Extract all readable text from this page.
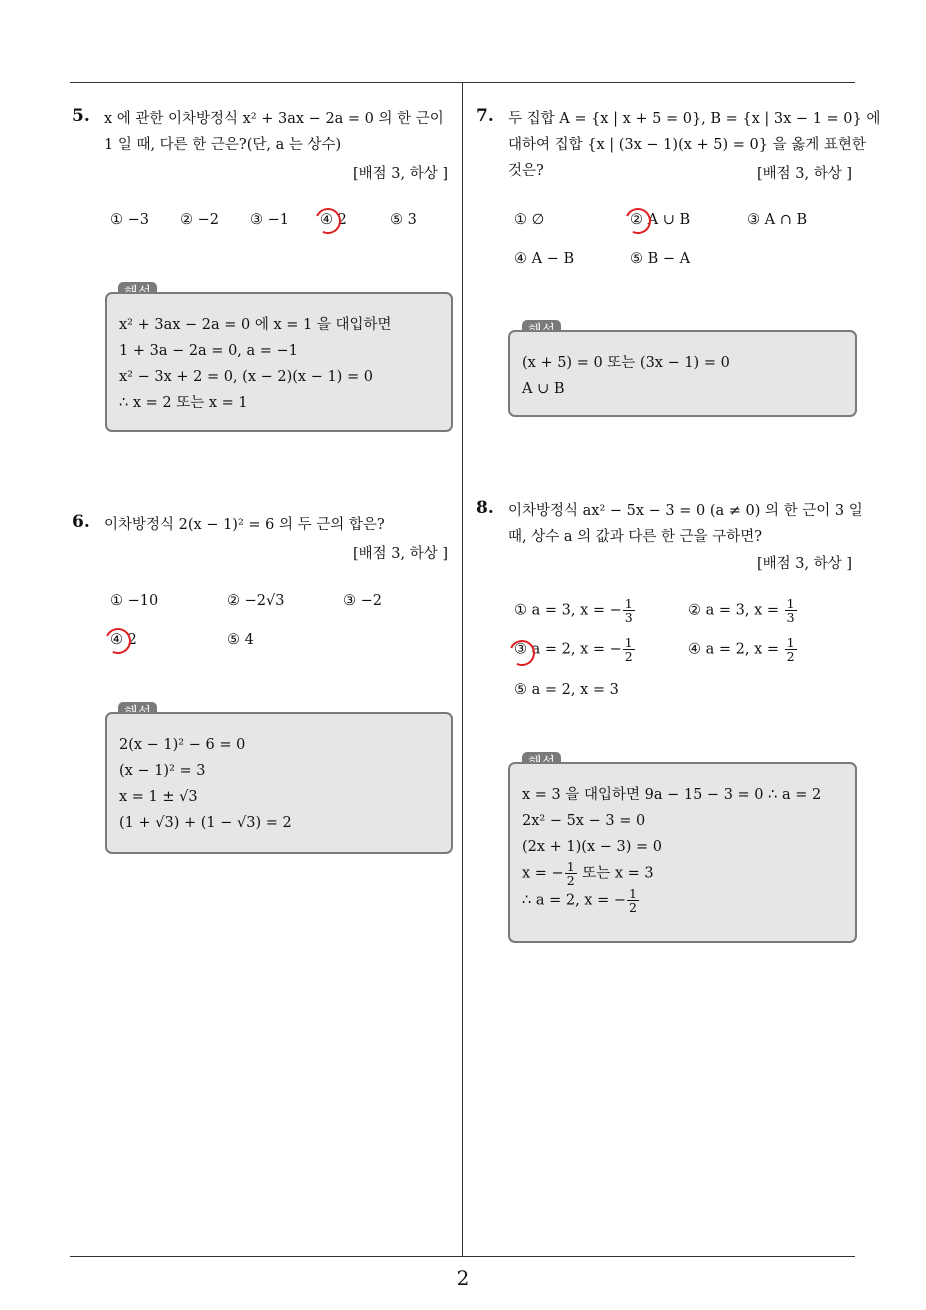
2
5. x 에 관한 이차방정식 x² + 3ax − 2a = 0 의 한 근이
1 일 때, 다른 한 근은?(단, a 는 상수)
[배점 3, 하상 ]
① −3 ② −2 ③ −1 ④ 2	⑤ 3
x² + 3ax − 2a = 0 에 x = 1 을 대입하면
1 + 3a − 2a = 0, a = −1
x² − 3x + 2 = 0, (x − 2)(x − 1) = 0
∴ x = 2 또는 x = 1
6. 이차방정식 2(x − 1)² = 6 의 두 근의 합은?
[배점 3, 하상 ]
① −10	② −2√3	③ −2
④ 2	⑤ 4
2(x − 1)² − 6 = 0
(x − 1)² = 3
x = 1 ± √3
(1 + √3) + (1 − √3) = 2
7. 두 집합 A = {x | x + 5 = 0}, B = {x | 3x − 1 = 0} 에
대하여 집합 {x | (3x − 1)(x + 5) = 0} 을 옳게 표현한
것은?	[배점 3, 하상 ]
① ∅	② A ∪ B	③ A ∩ B
④ A − B	⑤ B − A
(x + 5) = 0 또는 (3x − 1) = 0
A ∪ B
8. 이차방정식 ax² − 5x − 3 = 0 (a ≠ 0) 의 한 근이 3 일
때, 상수 a 의 값과 다른 한 근을 구하면?
[배점 3, 하상 ]
① a = 3, x = − $\frac{1}{3}$	② a = 3, $x = \frac{1}{3}$
③ a = 2, x = − $\frac{1}{2}$	④ a = 2, $x = \frac{1}{2}$
⑤ a = 2, x = 3
x = 3 을 대입하면 9a − 15 − 3 = 0 ∴ a = 2
2x² − 5x − 3 = 0
(2x + 1)(x − 3) = 0
x = − $\frac{1}{2}$ 또는 x = 3
∴ a = 2, x = − $\frac{1}{2}$
